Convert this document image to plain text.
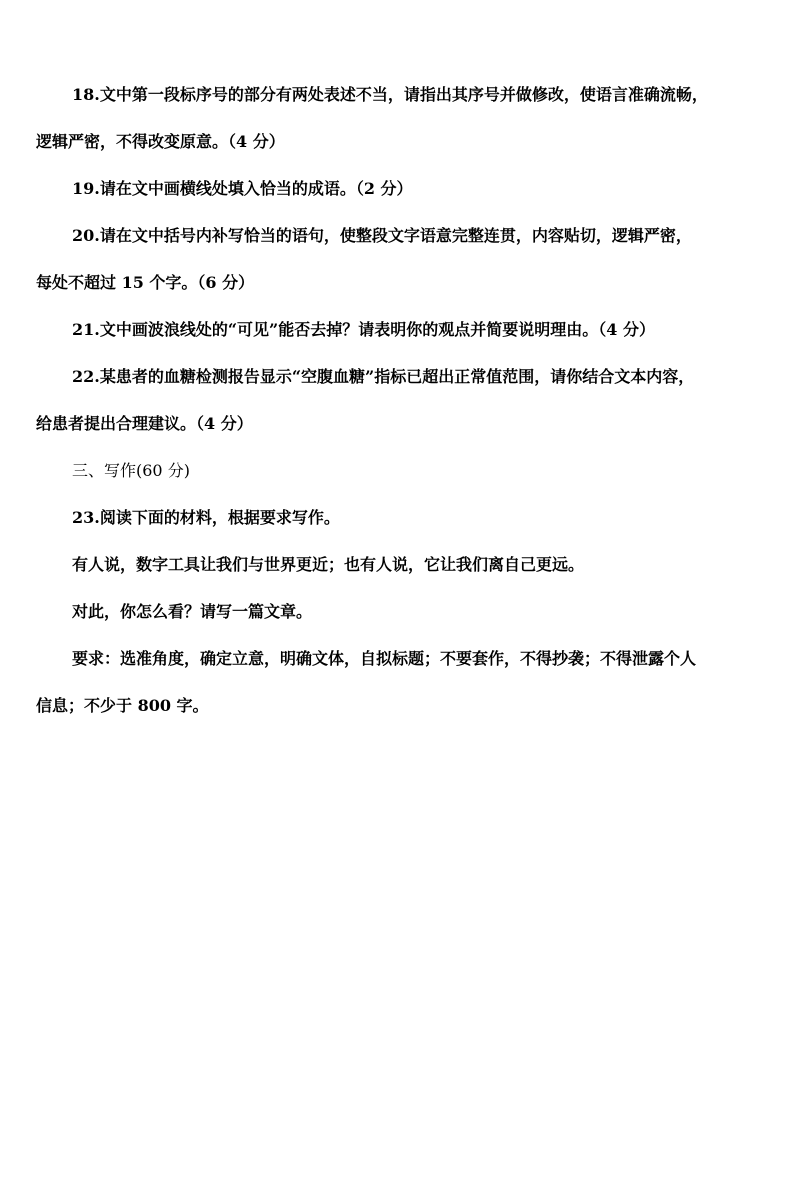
18.文中第一段标序号的部分有两处表述不当，请指出其序号并做修改，使语言准确流畅，
逻辑严密，不得改变原意。（4 分）
19.请在文中画横线处填入恰当的成语。（2 分）
20.请在文中括号内补写恰当的语句，使整段文字语意完整连贯，内容贴切，逻辑严密，
每处不超过 15 个字。（6 分）
21.文中画波浪线处的“可见”能否去掉？请表明你的观点并简要说明理由。（4 分）
22.某患者的血糖检测报告显示“空腹血糖”指标已超出正常值范围，请你结合文本内容，
给患者提出合理建议。（4 分）
三、写作(60 分)
23.阅读下面的材料，根据要求写作。
有人说，数字工具让我们与世界更近；也有人说，它让我们离自己更远。
对此，你怎么看？请写一篇文章。
要求：选准角度，确定立意，明确文体，自拟标题；不要套作，不得抄袭；不得泄露个人
信息；不少于 800 字。
